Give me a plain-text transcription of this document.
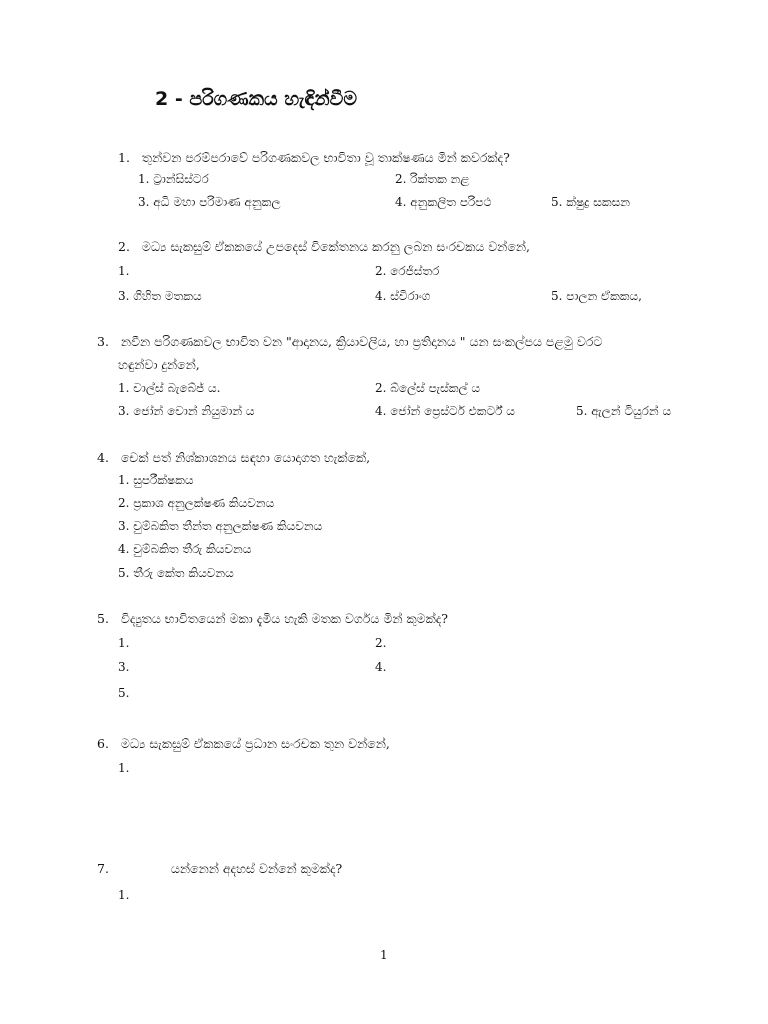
2 - පරිගණකය හැඳින්වීම
1. තුන්වන පරම්පරාවේ පරිගණකවල භාවිතා වූ තාක්ෂණය මින් කවරක්ද?
1. ට්‍රාන්සිස්ටර	2. රික්තක නළ
3. අධි මහා පරිමාණ අනුකල	4. අනුකලිත පරිපථ	5. ක්ෂුද්‍ර සකසන
2. මධ්‍ය සැකසුම් ඒකකයේ උපදෙස් විකේතනය කරනු ලබන සංරචකය වන්නේ,
1.	2. රෙජිස්තර
3. ගිහිත මතකය	4. ස්විරාංග	5. පාලන ඒකකය,
3. නවීන පරිගණකවල භාවිත වන "ආදානය, ක්‍රියාවලිය, හා ප්‍රතිදානය " යන සංකල්පය පළමු වරට
හඳුන්වා දුන්නේ,
1. චාල්ස් බැබේජ් ය.	2. බ්ලේස් පැස්කල් ය
3. ජෝන් වොන් නියුමාන් ය	4. ජෝන් ප්‍රෙස්ටර් එකර්ට් ය	5. ඇලන් ටියුරන් ය
4. චෙක් පත් නිශ්කාශනය සඳහා යොදාගත හැක්කේ,
1. සුපරීක්ෂකය
2. ප්‍රකාශ අනුලක්ෂණ කියවනය
3. චුම්බකිත තීන්ත අනුලක්ෂණ කියවනය
4. චුම්බකිත තීරු කියවනය
5. තීරු කේත කියවනය
5. විද්‍යුතය භාවිතයෙන් මකා දැමිය හැකි මතක වර්ගය මින් කුමක්ද?
1.	2.
3.	4.
5.
6. මධ්‍ය සැකසුම් ඒකකයේ ප්‍රධාන සංරචක තුන වන්නේ,
1.
7.	යන්නෙන් අදහස් වන්නේ කුමක්ද?
1.
1
